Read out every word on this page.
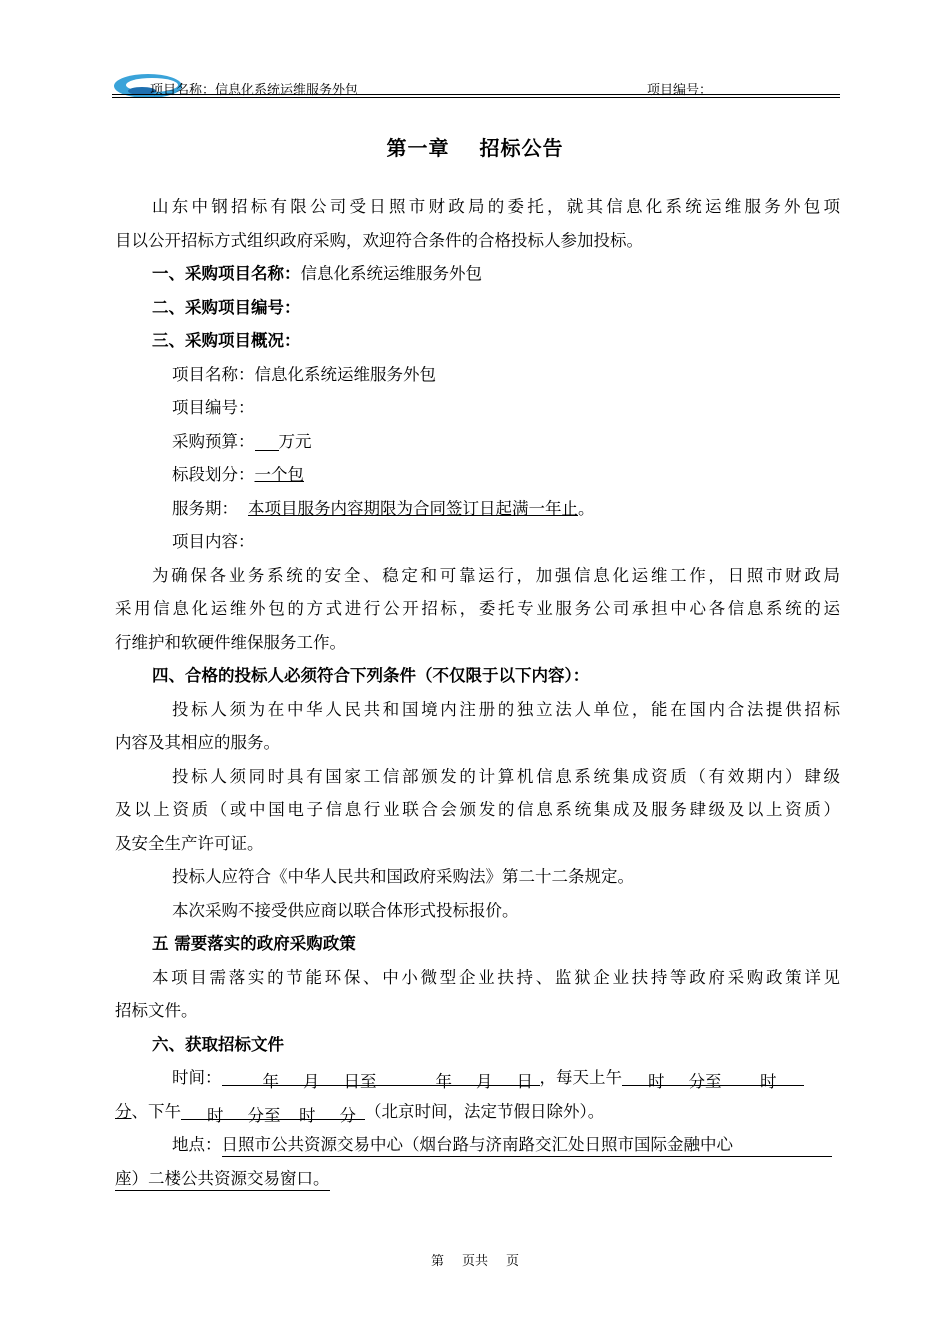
项目名称：信息化系统运维服务外包	项目编号：
第一章 招标公告
山东中钢招标有限公司受日照市财政局的委托，就其信息化系统运维服务外包项
目以公开招标方式组织政府采购，欢迎符合条件的合格投标人参加投标。
一、采购项目名称：信息化系统运维服务外包
二、采购项目编号：
三、采购项目概况：
项目名称：信息化系统运维服务外包
项目编号：
采购预算： 万元
标段划分：一个包
服务期： 本项目服务内容期限为合同签订日起满一年止。
项目内容：
为确保各业务系统的安全、稳定和可靠运行，加强信息化运维工作，日照市财政局
采用信息化运维外包的方式进行公开招标，委托专业服务公司承担中心各信息系统的运
行维护和软硬件维保服务工作。
四、合格的投标人必须符合下列条件（不仅限于以下内容）：
投标人须为在中华人民共和国境内注册的独立法人单位，能在国内合法提供招标
内容及其相应的服务。
投标人须同时具有国家工信部颁发的计算机信息系统集成资质（有效期内）肆级
及以上资质（或中国电子信息行业联合会颁发的信息系统集成及服务肆级及以上资质）
及安全生产许可证。
投标人应符合《中华人民共和国政府采购法》第二十二条规定。
本次采购不接受供应商以联合体形式投标报价。
五 需要落实的政府采购政策
本项目需落实的节能环保、中小微型企业扶持、监狱企业扶持等政府采购政策详见
招标文件。
六、获取招标文件
时间： 年 月 日至	年 月 日 ，每天上午 时 分至 时
分、下午 时 分至 时 分 （北京时间，法定节假日除外）。
地点：日照市公共资源交易中心（烟台路与济南路交汇处日照市国际金融中心
座）二楼公共资源交易窗口。
第 页共 页
